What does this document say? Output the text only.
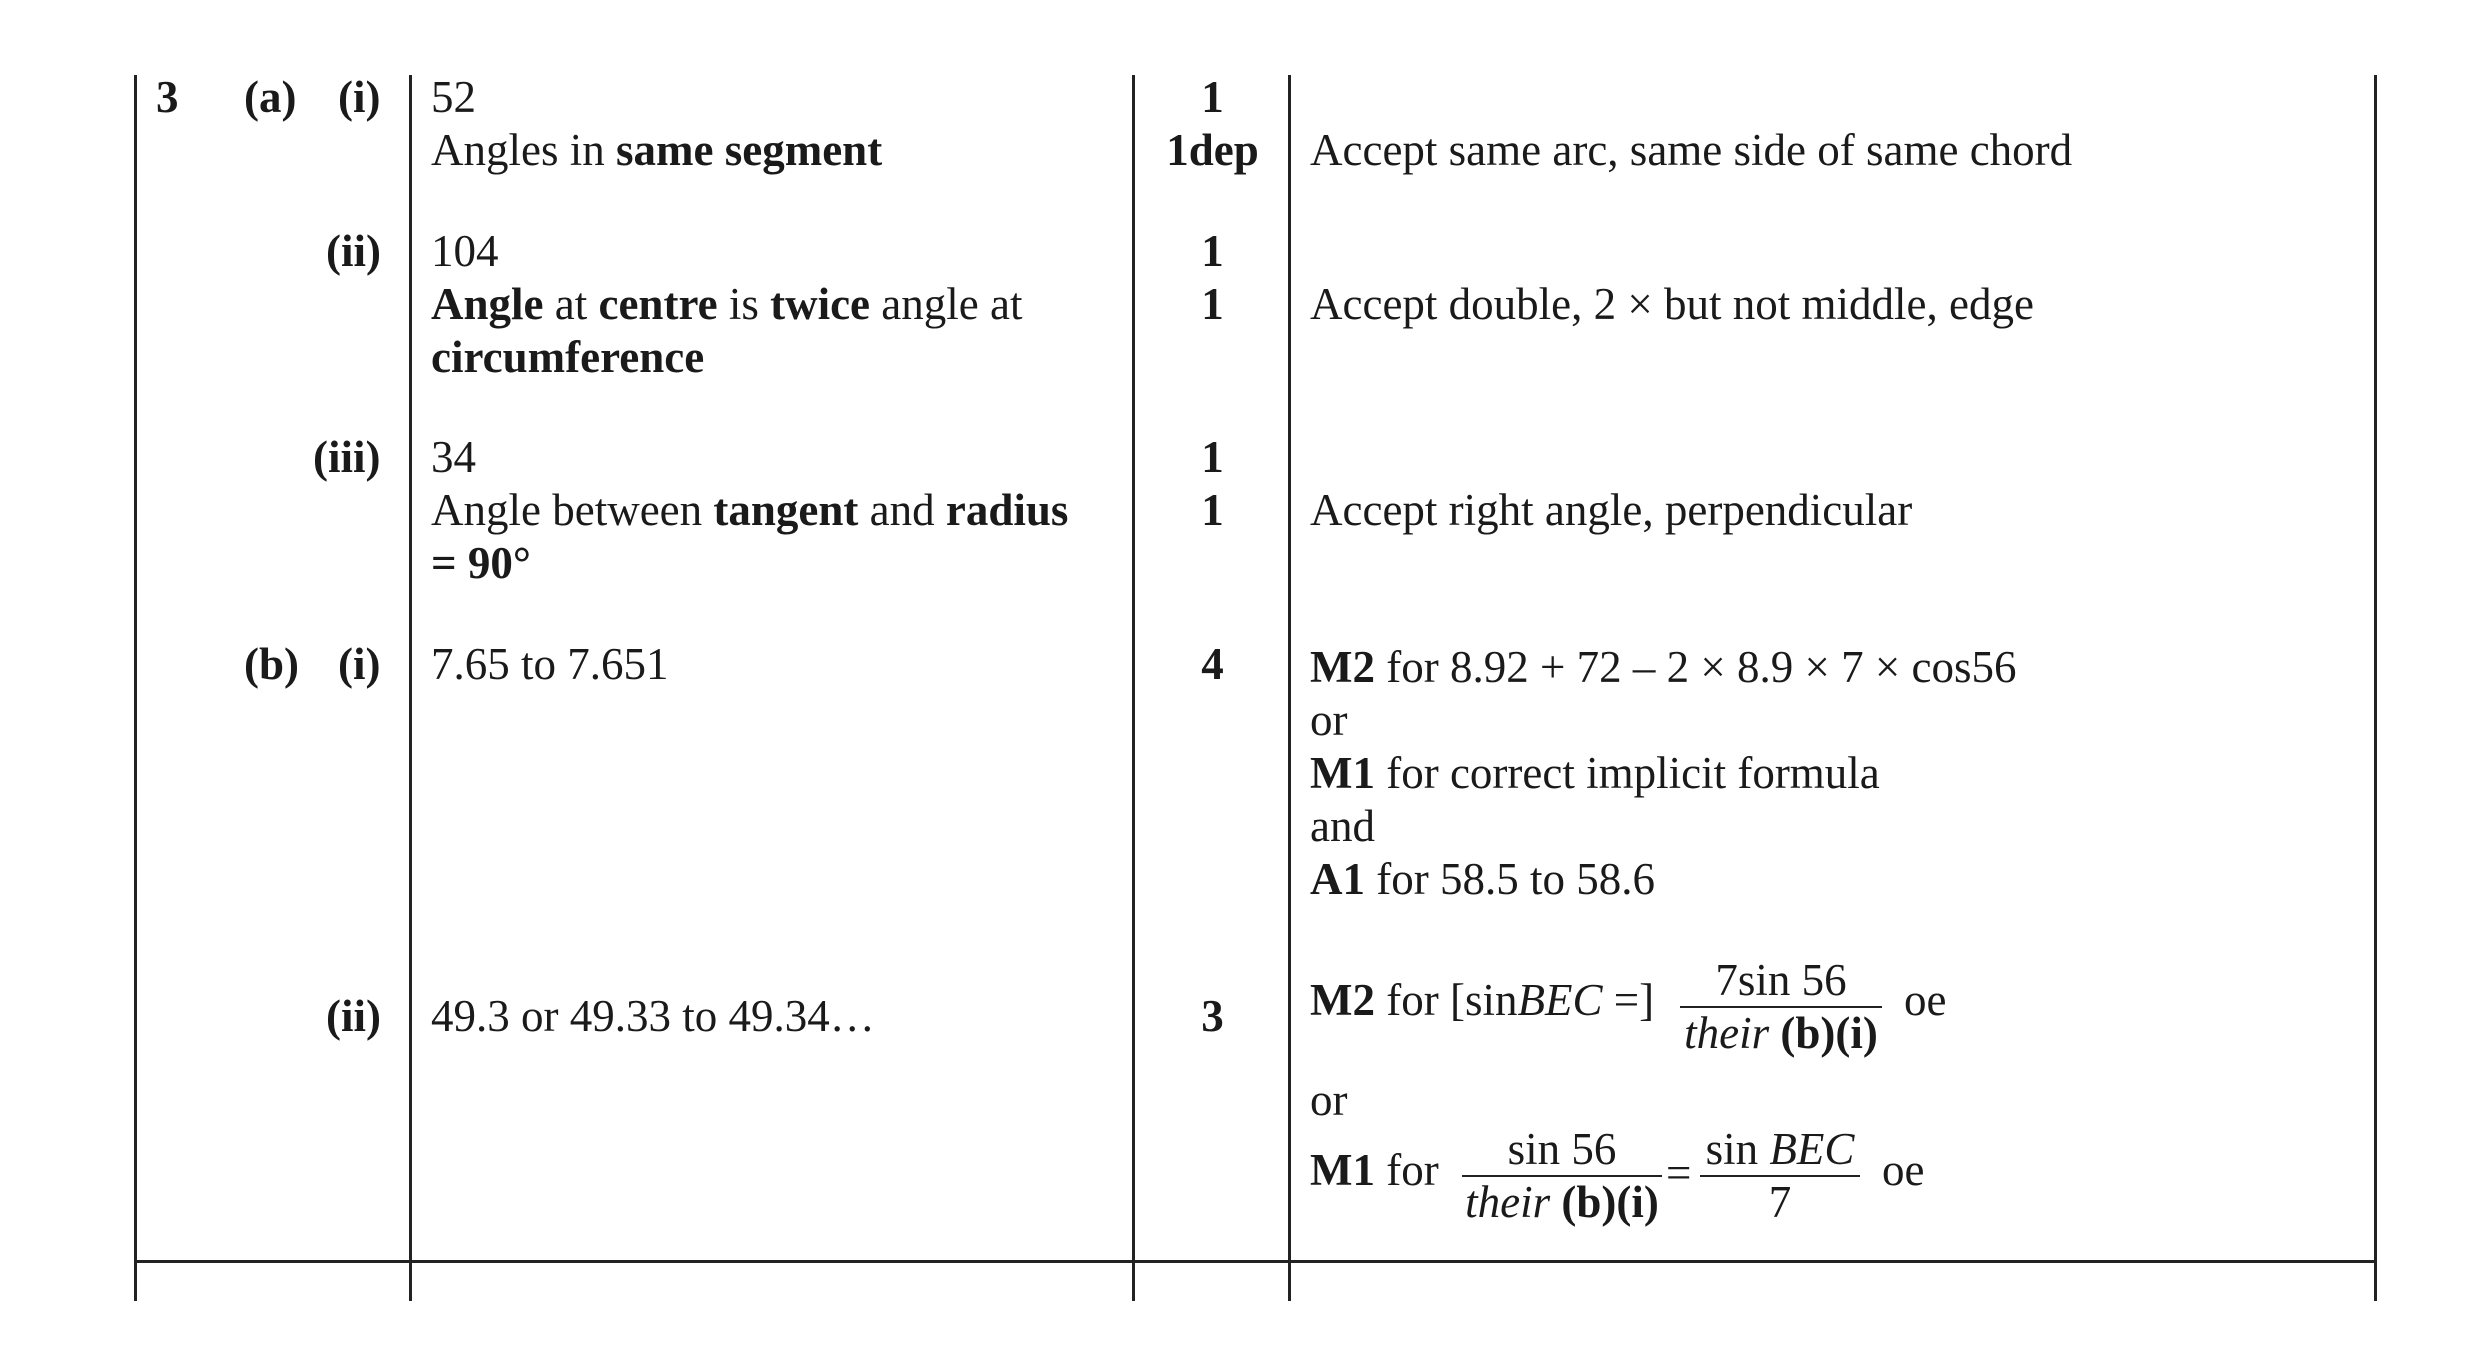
3 (a) (i)
(ii)
(iii)
(b) (i)
(ii)
52
Angles in same segment
104
Angle at centre is twice angle at
circumference
34
Angle between tangent and radius
= 90°
7.65 to 7.651
49.3 or 49.33 to 49.34…
1
1dep
1
1
1
1
4
3
Accept same arc, same side of same chord
Accept double, 2 × but not middle, edge
Accept right angle, perpendicular
M2 for 8.92 + 72 – 2 × 8.9 × 7 × cos56
or
M1 for correct implicit formula
and
A1 for 58.5 to 58.6
M2 for [sinBEC =]	7sin 56
their (b)(i)
oe
or
M1 for	sin 56
their (b)(i)
= sin BEC
7
oe
